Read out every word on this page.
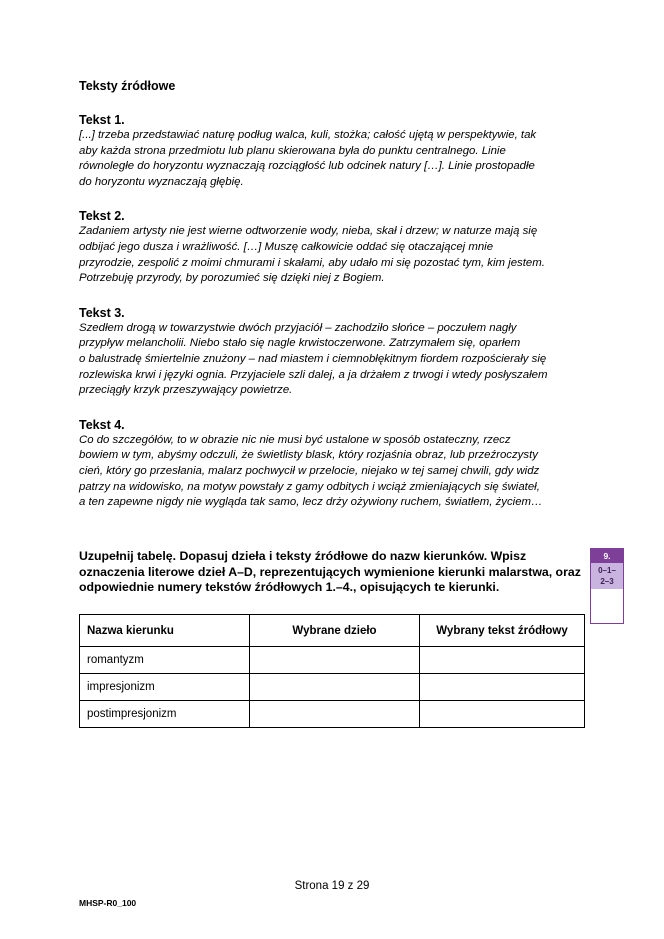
Teksty źródłowe

Tekst 1.

[...] trzeba przedstawiać naturę podług walca, kuli, stożka; całość ujętą w perspektywie, tak

aby każda strona przedmiotu lub planu skierowana była do punktu centralnego. Linie

równoległe do horyzontu wyznaczają rozciągłość lub odcinek natury […]. Linie prostopadłe

do horyzontu wyznaczają głębię.

Tekst 2.

Zadaniem artysty nie jest wierne odtworzenie wody, nieba, skał i drzew; w naturze mają się

odbijać jego dusza i wrażliwość. […] Muszę całkowicie oddać się otaczającej mnie

przyrodzie, zespolić z moimi chmurami i skałami, aby udało mi się pozostać tym, kim jestem.

Potrzebuję przyrody, by porozumieć się dzięki niej z Bogiem.

Tekst 3.

Szedłem drogą w towarzystwie dwóch przyjaciół – zachodziło słońce – poczułem nagły

przypływ melancholii. Niebo stało się nagle krwistoczerwone. Zatrzymałem się, oparłem

o balustradę śmiertelnie znużony – nad miastem i ciemnobłękitnym fiordem rozpościerały się

rozlewiska krwi i języki ognia. Przyjaciele szli dalej, a ja drżałem z trwogi i wtedy posłyszałem

przeciągły krzyk przeszywający powietrze.

Tekst 4.

Co do szczegółów, to w obrazie nic nie musi być ustalone w sposób ostateczny, rzecz

bowiem w tym, abyśmy odczuli, że świetlisty blask, który rozjaśnia obraz, lub przeźroczysty

cień, który go przesłania, malarz pochwycił w przelocie, niejako w tej samej chwili, gdy widz

patrzy na widowisko, na motyw powstały z gamy odbitych i wciąż zmieniających się świateł,

a ten zapewne nigdy nie wygląda tak samo, lecz drży ożywiony ruchem, światłem, życiem…

Uzupełnij tabelę. Dopasuj dzieła i teksty źródłowe do nazw kierunków. Wpisz
oznaczenia literowe dzieł A–D, reprezentujących wymienione kierunki malarstwa, oraz
odpowiednie numery tekstów źródłowych 1.–4., opisujących te kierunki.
9.
0–1–
2–3
Nazwa kierunku	Wybrane dzieło	Wybrany tekst źródłowy
romantyzm		
impresjonizm		
postimpresjonizm		
Strona 19 z 29
MHSP-R0_100
